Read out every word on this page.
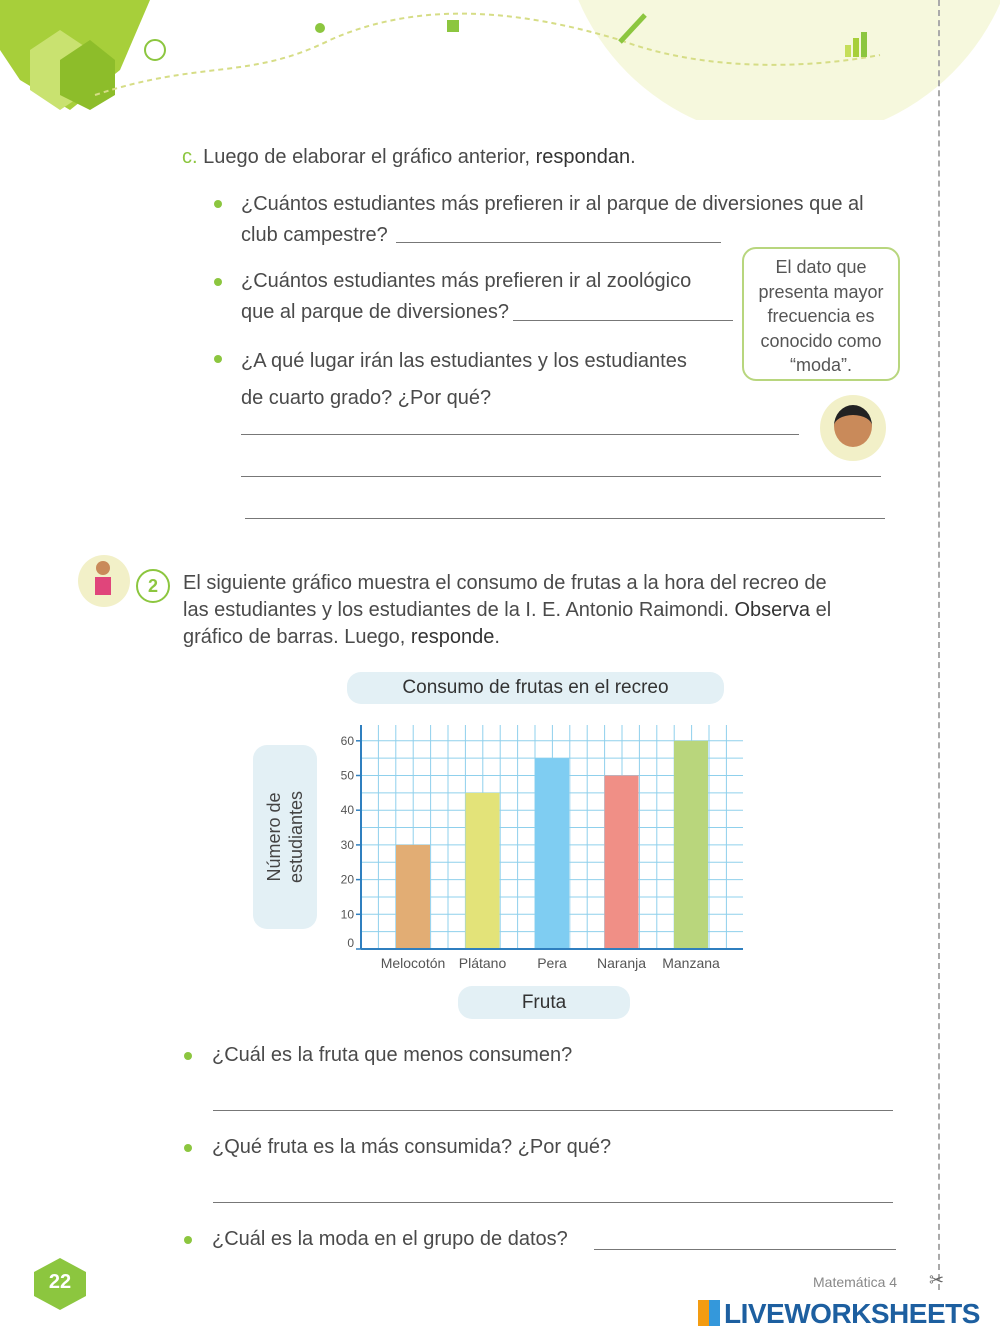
c. Luego de elaborar el gráfico anterior, respondan.
¿Cuántos estudiantes más prefieren ir al parque de diversiones que al
club campestre?
¿Cuántos estudiantes más prefieren ir al zoológico
que al parque de diversiones?
¿A qué lugar irán las estudiantes y los estudiantes
de cuarto grado? ¿Por qué?
El dato que presenta mayor frecuencia es conocido como “moda”.
2	El siguiente gráfico muestra el consumo de frutas a la hora del recreo de
las estudiantes y los estudiantes de la I. E. Antonio Raimondi. Observa el
gráfico de barras. Luego, responde.
Consumo de frutas en el recreo
Número de estudiantes
Melocotón Plátano Pera Naranja Manzana
0
10
20
30
40
50
60
Fruta
¿Cuál es la fruta que menos consumen?
¿Qué fruta es la más consumida? ¿Por qué?
¿Cuál es la moda en el grupo de datos?
22	Matemática 4 ✂
LIVEWORKSHEETS
